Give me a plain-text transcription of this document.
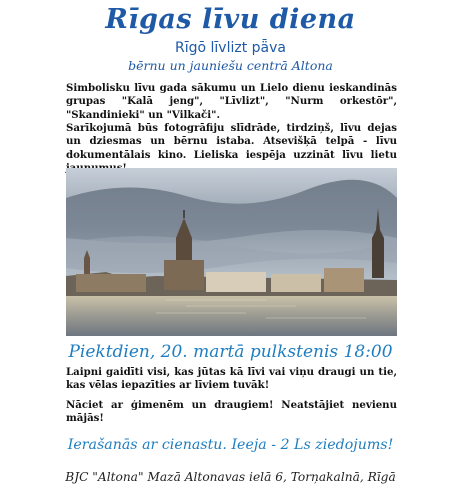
Rīgas līvu diena
Rīgō līvlizt pǟva
bērnu un jauniešu centrā Altona

Simbolisku līvu gada sākumu un Lielo dienu ieskandinās grupas "Kalā jeng", "Līvlizt", "Nurm orkestōr", "Skandinieki" un "Vilkači".

Sarīkojumā būs fotogrāfiju slīdrāde, tirdziņš, līvu dejas un dziesmas un bērnu istaba. Atsevišķā telpā - līvu dokumentālais kino. Lieliska iespēja uzzināt līvu lietu

Piektdien, 20. martā pulkstenis 18:00

Laipni gaidīti visi, kas jūtas kā līvi vai viņu draugi un tie, kas vēlas iepazīties ar līviem tuvāk!

Nāciet ar ģimenēm un draugiem! Neatstājiet nevienu mājās!

Ierašanās ar cienastu. Ieeja - 2 Ls ziedojums!
BJC "Altona" Mazā Altonavas ielā 6, Torņakalnā, Rīgā
